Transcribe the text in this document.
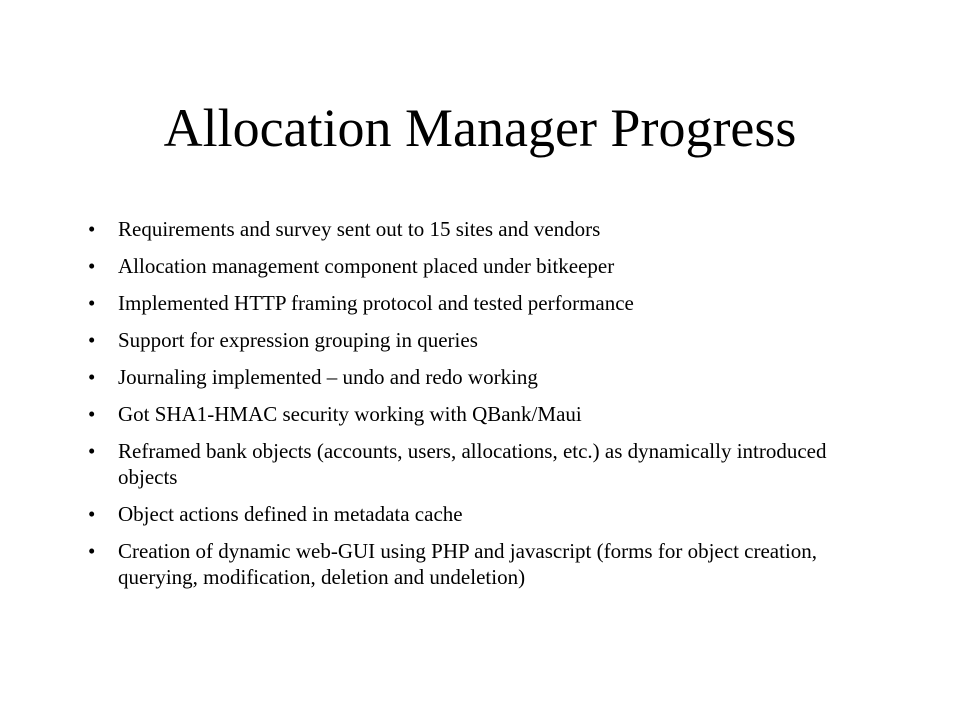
Allocation Manager Progress
•	Requirements and survey sent out to 15 sites and vendors
•	Allocation management component placed under bitkeeper
•	Implemented HTTP framing protocol and tested performance
•	Support for expression grouping in queries
•	Journaling implemented – undo and redo working
•	Got SHA1-HMAC security working with QBank/Maui
•	Reframed bank objects (accounts, users, allocations, etc.) as dynamically introduced objects
•	Object actions defined in metadata cache
•	Creation of dynamic web-GUI using PHP and javascript (forms for object creation, querying, modification, deletion and undeletion)
